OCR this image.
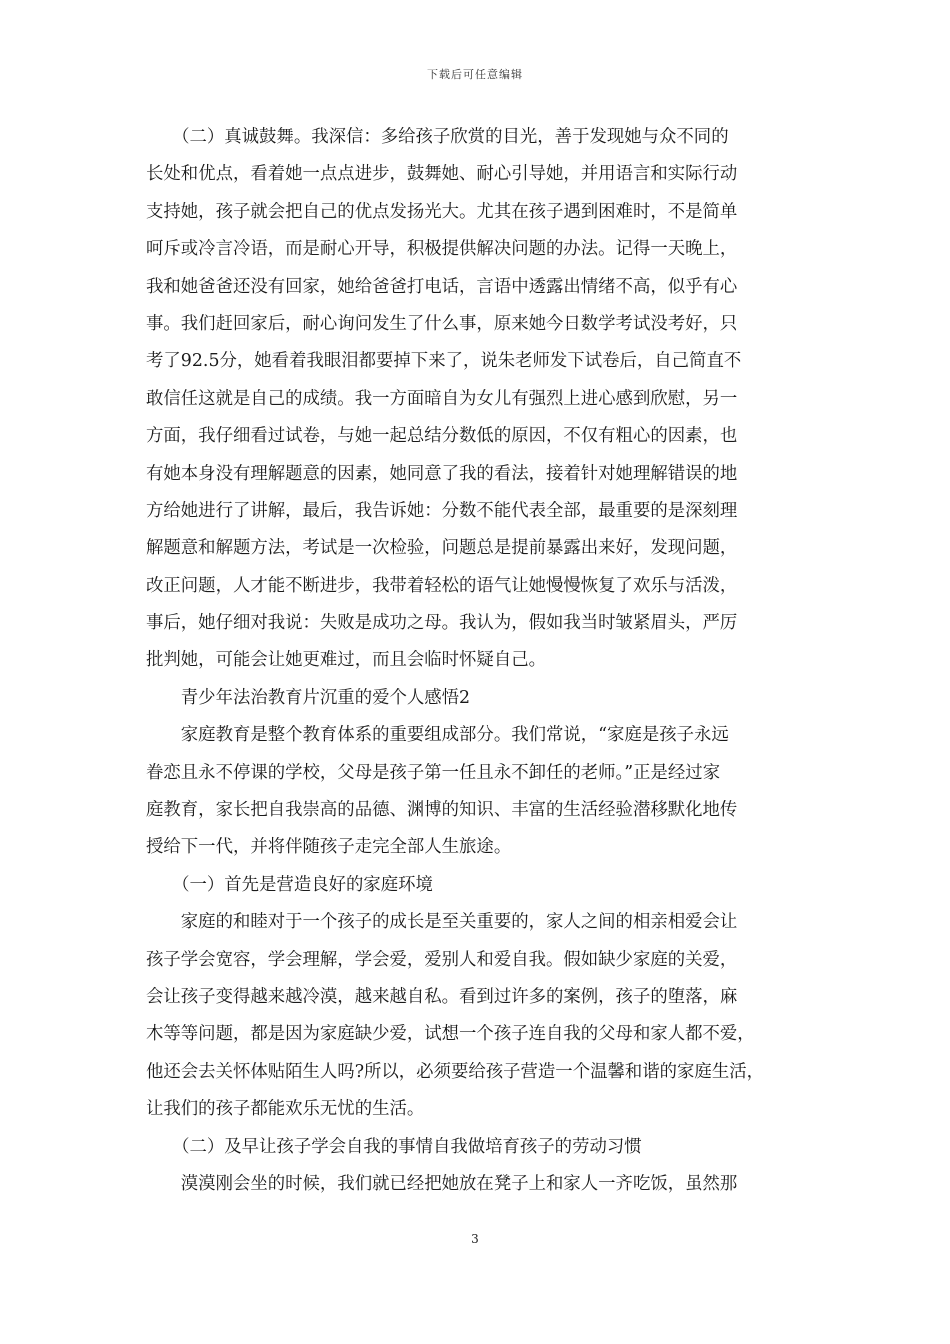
下载后可任意编辑
　　（二）真诚鼓舞。我深信：多给孩子欣赏的目光，善于发现她与众不同的
长处和优点，看着她一点点进步，鼓舞她、耐心引导她，并用语言和实际行动
支持她，孩子就会把自己的优点发扬光大。尤其在孩子遇到困难时，不是简单
呵斥或冷言冷语，而是耐心开导，积极提供解决问题的办法。记得一天晚上，
我和她爸爸还没有回家，她给爸爸打电话，言语中透露出情绪不高，似乎有心
事。我们赶回家后，耐心询问发生了什么事，原来她今日数学考试没考好，只
考了92.5分，她看着我眼泪都要掉下来了，说朱老师发下试卷后，自己简直不
敢信任这就是自己的成绩。我一方面暗自为女儿有强烈上进心感到欣慰，另一
方面，我仔细看过试卷，与她一起总结分数低的原因，不仅有粗心的因素，也
有她本身没有理解题意的因素，她同意了我的看法，接着针对她理解错误的地
方给她进行了讲解，最后，我告诉她：分数不能代表全部，最重要的是深刻理
解题意和解题方法，考试是一次检验，问题总是提前暴露出来好，发现问题，
改正问题，人才能不断进步，我带着轻松的语气让她慢慢恢复了欢乐与活泼，
事后，她仔细对我说：失败是成功之母。我认为，假如我当时皱紧眉头，严厉
批判她，可能会让她更难过，而且会临时怀疑自己。
　　青少年法治教育片沉重的爱个人感悟2
　　家庭教育是整个教育体系的重要组成部分。我们常说，“家庭是孩子永远
眷恋且永不停课的学校，父母是孩子第一任且永不卸任的老师。”正是经过家
庭教育，家长把自我崇高的品德、渊博的知识、丰富的生活经验潜移默化地传
授给下一代，并将伴随孩子走完全部人生旅途。
　　（一）首先是营造良好的家庭环境
　　家庭的和睦对于一个孩子的成长是至关重要的，家人之间的相亲相爱会让
孩子学会宽容，学会理解，学会爱，爱别人和爱自我。假如缺少家庭的关爱，
会让孩子变得越来越冷漠，越来越自私。看到过许多的案例，孩子的堕落，麻
木等等问题，都是因为家庭缺少爱，试想一个孩子连自我的父母和家人都不爱，
他还会去关怀体贴陌生人吗?所以，必须要给孩子营造一个温馨和谐的家庭生活，
让我们的孩子都能欢乐无忧的生活。
　　（二）及早让孩子学会自我的事情自我做培育孩子的劳动习惯
　　漠漠刚会坐的时候，我们就已经把她放在凳子上和家人一齐吃饭，虽然那
3
